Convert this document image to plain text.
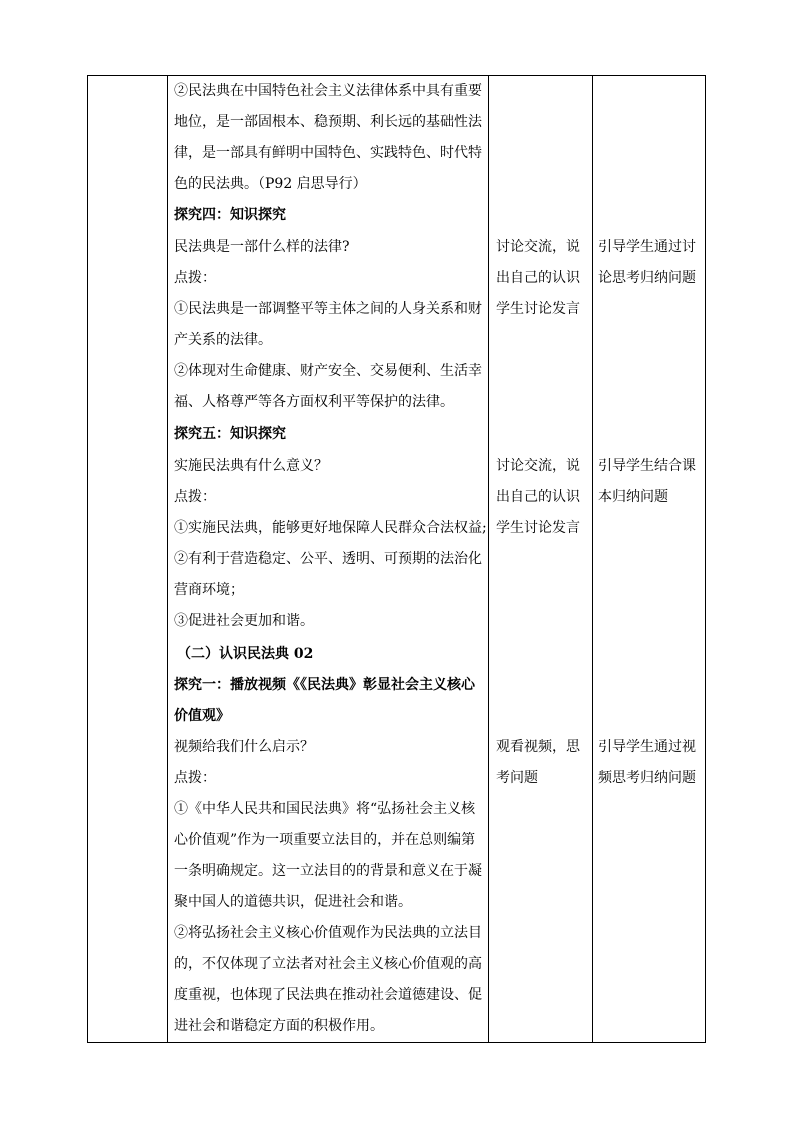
②民法典在中国特色社会主义法律体系中具有重要
地位，是一部固根本、稳预期、利长远的基础性法
律，是一部具有鲜明中国特色、实践特色、时代特
色的民法典。（P92 启思导行）
探究四：知识探究
民法典是一部什么样的法律?
点拨：
①民法典是一部调整平等主体之间的人身关系和财
产关系的法律。
②体现对生命健康、财产安全、交易便利、生活幸
福、人格尊严等各方面权利平等保护的法律。
探究五：知识探究
实施民法典有什么意义？
点拨：
①实施民法典，能够更好地保障人民群众合法权益;
②有利于营造稳定、公平、透明、可预期的法治化
营商环境；
③促进社会更加和谐。
（二）认识民法典 02
探究一：播放视频《《民法典》彰显社会主义核心
价值观》
视频给我们什么启示？
点拨：
①《中华人民共和国民法典》将“弘扬社会主义核
心价值观”作为一项重要立法目的，并在总则编第
一条明确规定。这一立法目的的背景和意义在于凝
聚中国人的道德共识，促进社会和谐。
②将弘扬社会主义核心价值观作为民法典的立法目
的，不仅体现了立法者对社会主义核心价值观的高
度重视，也体现了民法典在推动社会道德建设、促
进社会和谐稳定方面的积极作用。
讨论交流，说
出自己的认识
学生讨论发言
讨论交流，说
出自己的认识
学生讨论发言
观看视频，思
考问题
引导学生通过讨
论思考归纳问题
引导学生结合课
本归纳问题
引导学生通过视
频思考归纳问题
